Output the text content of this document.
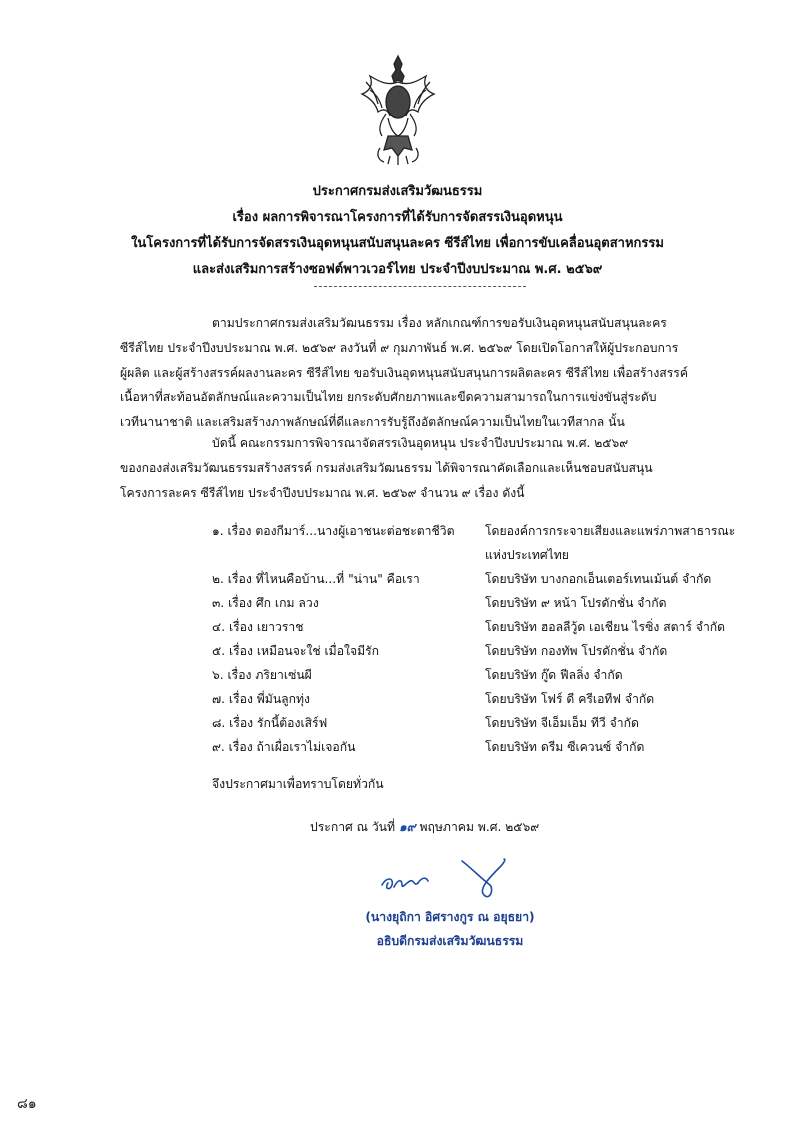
ประกาศกรมส่งเสริมวัฒนธรรม
เรื่อง ผลการพิจารณาโครงการที่ได้รับการจัดสรรเงินอุดหนุน
ในโครงการที่ได้รับการจัดสรรเงินอุดหนุนสนับสนุนละคร ซีรีส์ไทย เพื่อการขับเคลื่อนอุตสาหกรรม
และส่งเสริมการสร้างซอฟต์พาวเวอร์ไทย ประจำปีงบประมาณ พ.ศ. ๒๕๖๙
ตามประกาศกรมส่งเสริมวัฒนธรรม เรื่อง หลักเกณฑ์การขอรับเงินอุดหนุนสนับสนุนละคร
ซีรีส์ไทย ประจำปีงบประมาณ พ.ศ. ๒๕๖๙ ลงวันที่ ๙ กุมภาพันธ์ พ.ศ. ๒๕๖๙ โดยเปิดโอกาสให้ผู้ประกอบการ
ผู้ผลิต และผู้สร้างสรรค์ผลงานละคร ซีรีส์ไทย ขอรับเงินอุดหนุนสนับสนุนการผลิตละคร ซีรีส์ไทย เพื่อสร้างสรรค์
เนื้อหาที่สะท้อนอัตลักษณ์และความเป็นไทย ยกระดับศักยภาพและขีดความสามารถในการแข่งขันสู่ระดับ
เวทีนานาชาติ และเสริมสร้างภาพลักษณ์ที่ดีและการรับรู้ถึงอัตลักษณ์ความเป็นไทยในเวทีสากล นั้น
บัดนี้ คณะกรรมการพิจารณาจัดสรรเงินอุดหนุน ประจำปีงบประมาณ พ.ศ. ๒๕๖๙
ของกองส่งเสริมวัฒนธรรมสร้างสรรค์ กรมส่งเสริมวัฒนธรรม ได้พิจารณาคัดเลือกและเห็นชอบสนับสนุน
โครงการละคร ซีรีส์ไทย ประจำปีงบประมาณ พ.ศ. ๒๕๖๙ จำนวน ๙ เรื่อง ดังนี้
๑. เรื่อง ตองกีมาร์...นางผู้เอาชนะต่อชะตาชีวิต	โดยองค์การกระจายเสียงและแพร่ภาพสาธารณะ
แห่งประเทศไทย
๒. เรื่อง ที่ไหนคือบ้าน...ที่ "น่าน" คือเรา	โดยบริษัท บางกอกเอ็นเตอร์เทนเม้นต์ จำกัด
๓. เรื่อง ศึก เกม ลวง	โดยบริษัท ๙ หน้า โปรดักชั่น จำกัด
๔. เรื่อง เยาวราช	โดยบริษัท ฮอลลีวู้ด เอเชียน ไรซิ่ง สตาร์ จำกัด
๕. เรื่อง เหมือนจะใช่ เมื่อใจมีรัก	โดยบริษัท กองทัพ โปรดักชั่น จำกัด
๖. เรื่อง ภริยาเซ่นผี	โดยบริษัท กู๊ด ฟีลลิ่ง จำกัด
๗. เรื่อง พี่มันลูกทุ่ง	โดยบริษัท โฟร์ ดี ครีเอทีฟ จำกัด
๘. เรื่อง รักนี้ต้องเสิร์ฟ	โดยบริษัท จีเอ็มเอ็ม ทีวี จำกัด
๙. เรื่อง ถ้าเผื่อเราไม่เจอกัน	โดยบริษัท ดรีม ซีเควนซ์ จำกัด
จึงประกาศมาเพื่อทราบโดยทั่วกัน
ประกาศ ณ วันที่ ๑๙ พฤษภาคม พ.ศ. ๒๕๖๙
(นางยุถิกา อิศรางกูร ณ อยุธยา)
อธิบดีกรมส่งเสริมวัฒนธรรม
๘๑
